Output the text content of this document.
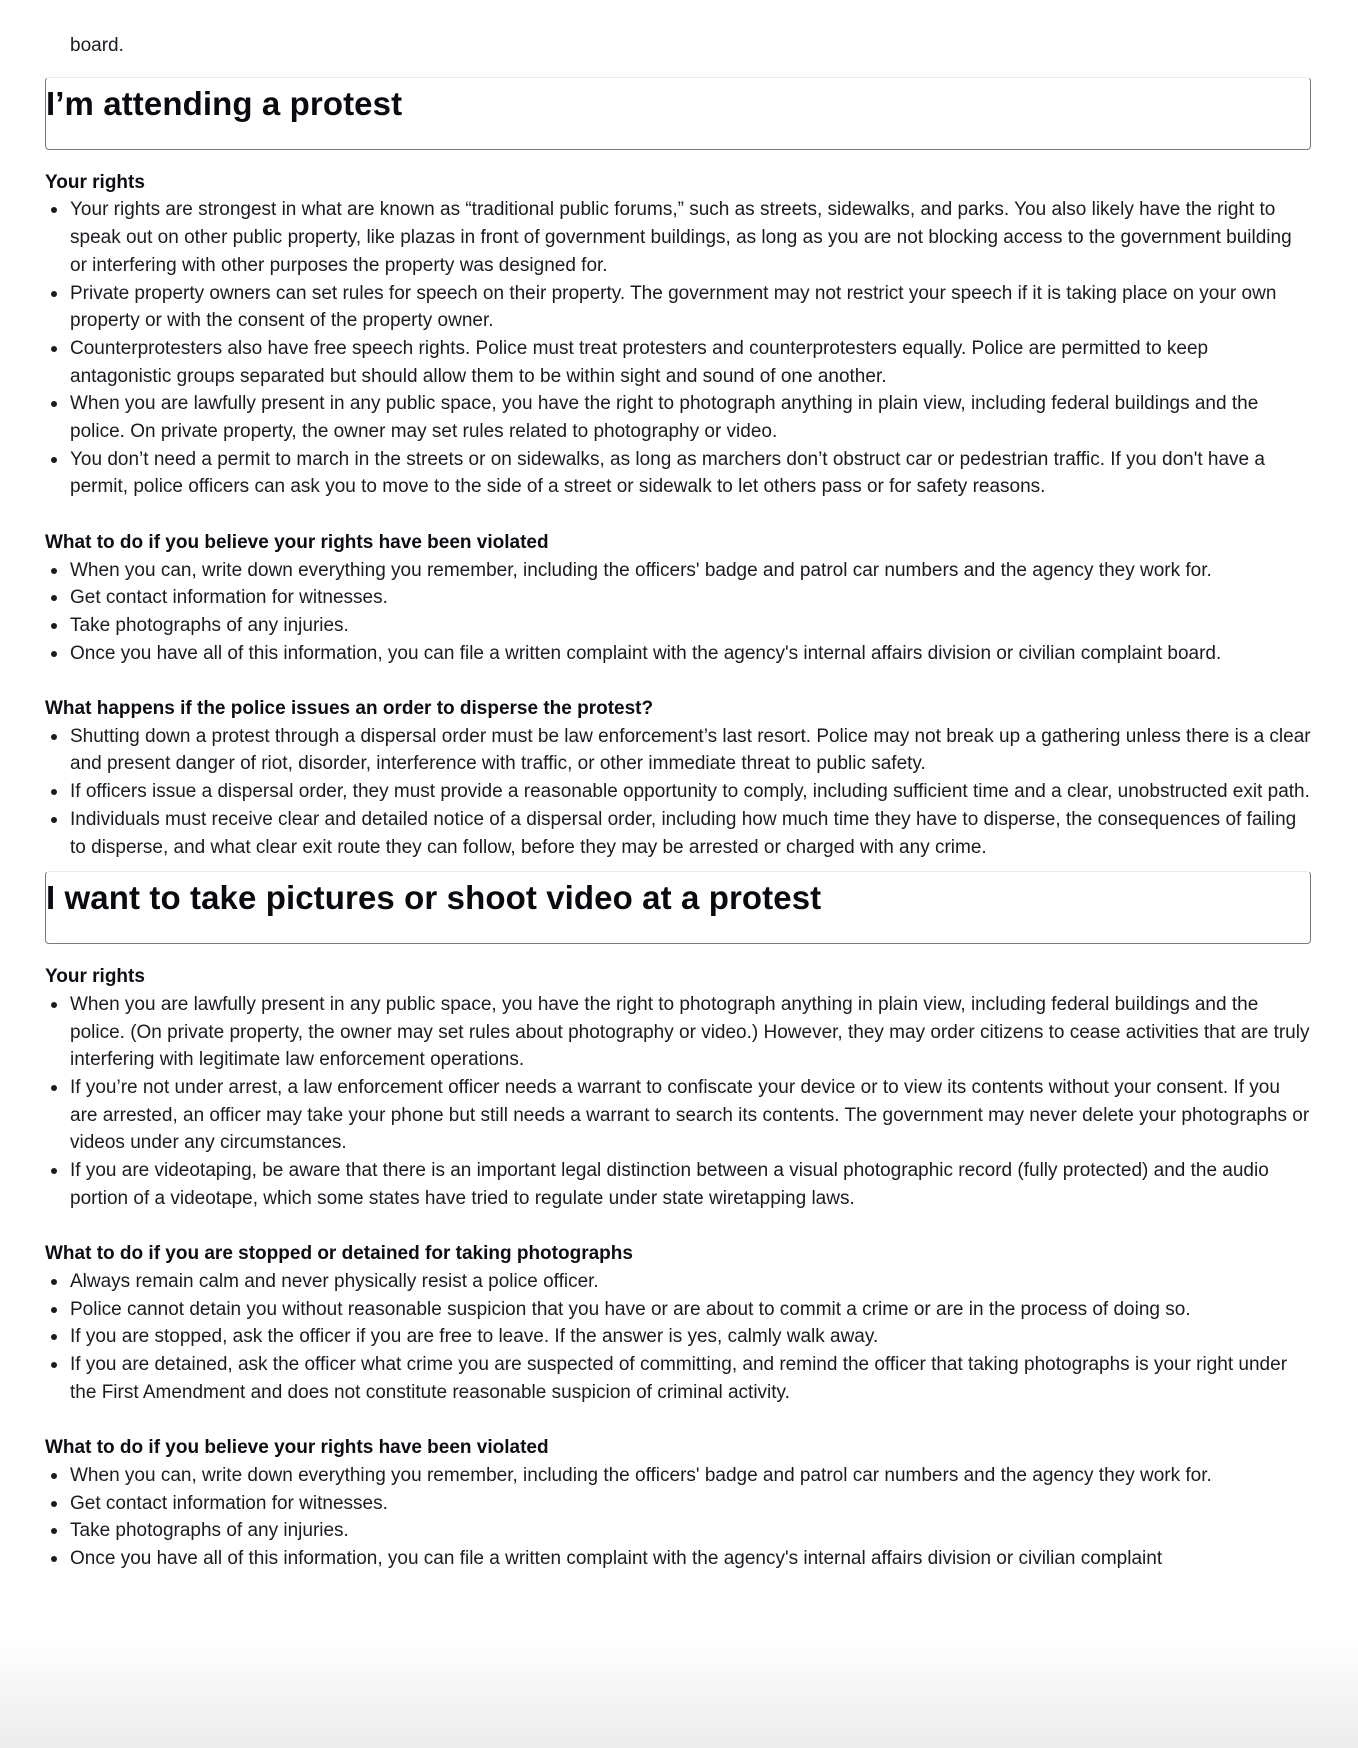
board.

I’m attending a protest

Your rights

Your rights are strongest in what are known as “traditional public forums,” such as streets, sidewalks, and parks. You also likely have the right to speak out on other public property, like plazas in front of government buildings, as long as you are not blocking access to the government building or interfering with other purposes the property was designed for.
Private property owners can set rules for speech on their property. The government may not restrict your speech if it is taking place on your own property or with the consent of the property owner.
Counterprotesters also have free speech rights. Police must treat protesters and counterprotesters equally. Police are permitted to keep antagonistic groups separated but should allow them to be within sight and sound of one another.
When you are lawfully present in any public space, you have the right to photograph anything in plain view, including federal buildings and the police. On private property, the owner may set rules related to photography or video.
You don’t need a permit to march in the streets or on sidewalks, as long as marchers don’t obstruct car or pedestrian traffic. If you don't have a permit, police officers can ask you to move to the side of a street or sidewalk to let others pass or for safety reasons.

What to do if you believe your rights have been violated

When you can, write down everything you remember, including the officers' badge and patrol car numbers and the agency they work for.
Get contact information for witnesses.
Take photographs of any injuries.
Once you have all of this information, you can file a written complaint with the agency's internal affairs division or civilian complaint board.

What happens if the police issues an order to disperse the protest?

Shutting down a protest through a dispersal order must be law enforcement’s last resort. Police may not break up a gathering unless there is a clear and present danger of riot, disorder, interference with traffic, or other immediate threat to public safety.
If officers issue a dispersal order, they must provide a reasonable opportunity to comply, including sufficient time and a clear, unobstructed exit path.
Individuals must receive clear and detailed notice of a dispersal order, including how much time they have to disperse, the consequences of failing to disperse, and what clear exit route they can follow, before they may be arrested or charged with any crime.
I want to take pictures or shoot video at a protest

Your rights

When you are lawfully present in any public space, you have the right to photograph anything in plain view, including federal buildings and the police. (On private property, the owner may set rules about photography or video.) However, they may order citizens to cease activities that are truly interfering with legitimate law enforcement operations.
If you’re not under arrest, a law enforcement officer needs a warrant to confiscate your device or to view its contents without your consent. If you are arrested, an officer may take your phone but still needs a warrant to search its contents. The government may never delete your photographs or videos under any circumstances.
If you are videotaping, be aware that there is an important legal distinction between a visual photographic record (fully protected) and the audio portion of a videotape, which some states have tried to regulate under state wiretapping laws.

What to do if you are stopped or detained for taking photographs

Always remain calm and never physically resist a police officer.
Police cannot detain you without reasonable suspicion that you have or are about to commit a crime or are in the process of doing so.
If you are stopped, ask the officer if you are free to leave. If the answer is yes, calmly walk away.
If you are detained, ask the officer what crime you are suspected of committing, and remind the officer that taking photographs is your right under the First Amendment and does not constitute reasonable suspicion of criminal activity.

What to do if you believe your rights have been violated

When you can, write down everything you remember, including the officers' badge and patrol car numbers and the agency they work for.
Get contact information for witnesses.
Take photographs of any injuries.
Once you have all of this information, you can file a written complaint with the agency's internal affairs division or civilian complaint
